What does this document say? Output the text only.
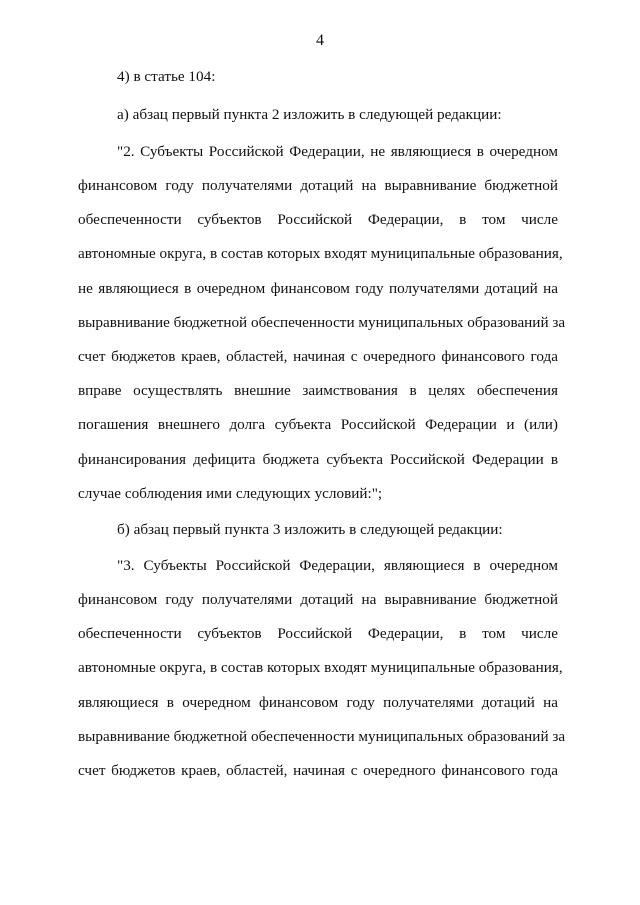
4
4) в статье 104:
а) абзац первый пункта 2 изложить в следующей редакции:
"2. Субъекты Российской Федерации, не являющиеся в очередном
финансовом году получателями дотаций на выравнивание бюджетной
обеспеченности субъектов Российской Федерации, в том числе
автономные округа, в состав которых входят муниципальные образования,
не являющиеся в очередном финансовом году получателями дотаций на
выравнивание бюджетной обеспеченности муниципальных образований за
счет бюджетов краев, областей, начиная с очередного финансового года
вправе осуществлять внешние заимствования в целях обеспечения
погашения внешнего долга субъекта Российской Федерации и (или)
финансирования дефицита бюджета субъекта Российской Федерации в
случае соблюдения ими следующих условий:";
б) абзац первый пункта 3 изложить в следующей редакции:
"3. Субъекты Российской Федерации, являющиеся в очередном
финансовом году получателями дотаций на выравнивание бюджетной
обеспеченности субъектов Российской Федерации, в том числе
автономные округа, в состав которых входят муниципальные образования,
являющиеся в очередном финансовом году получателями дотаций на
выравнивание бюджетной обеспеченности муниципальных образований за
счет бюджетов краев, областей, начиная с очередного финансового года
